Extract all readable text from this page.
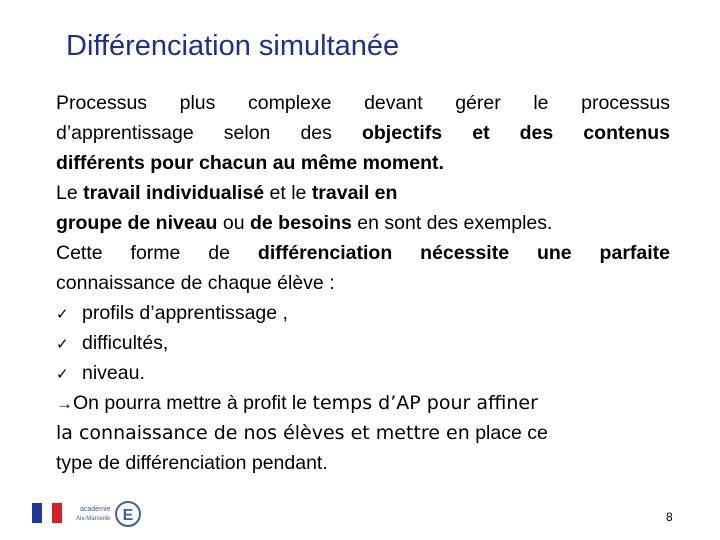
Différenciation simultanée
Processus plus complexe devant gérer le processus
d’apprentissage selon des objectifs et des contenus
différents pour chacun au même moment.
Le travail individualisé et le travail en
groupe de niveau ou de besoins en sont des exemples.
Cette forme de différenciation nécessite une parfaite
connaissance de chaque élève :
✓ profils d’apprentissage ,
✓ difficultés,
✓ niveau.
→On pourra mettre à profit le temps d’AP pour affiner
la connaissance de nos élèves et mettre en place ce
type de différenciation pendant.
académie
Aix-Marseille E	8
